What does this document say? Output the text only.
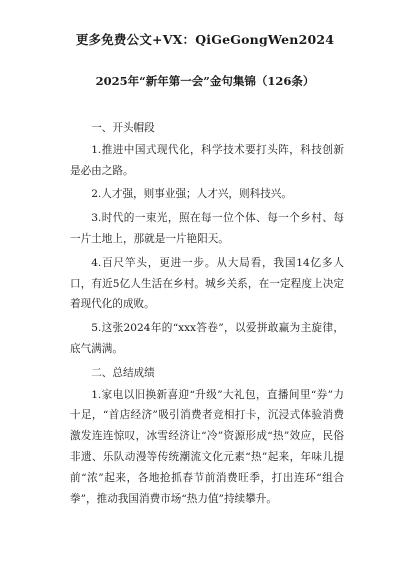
更多免费公文+VX：QiGeGongWen2024
2025年“新年第一会”金句集锦（126条）

一、开头帽段

1.推进中国式现代化，科学技术要打头阵，科技创新是必由之路。

2.人才强，则事业强；人才兴，则科技兴。

3.时代的一束光，照在每一位个体、每一个乡村、每一片土地上，那就是一片艳阳天。

4.百尺竿头，更进一步。从大局看，我国14亿多人口，有近5亿人生活在乡村。城乡关系，在一定程度上决定着现代化的成败。

5.这张2024年的“xxx答卷”，以爱拼敢赢为主旋律，底气满满。

二、总结成绩

1.家电以旧换新喜迎“升级”大礼包，直播间里“券”力十足，“首店经济”吸引消费者竞相打卡，沉浸式体验消费激发连连惊叹，冰雪经济让“冷”资源形成“热”效应，民俗非遗、乐队动漫等传统潮流文化元素“热”起来，年味儿提前“浓”起来，各地抢抓春节前消费旺季，打出连环“组合拳”，推动我国消费市场“热力值”持续攀升。
